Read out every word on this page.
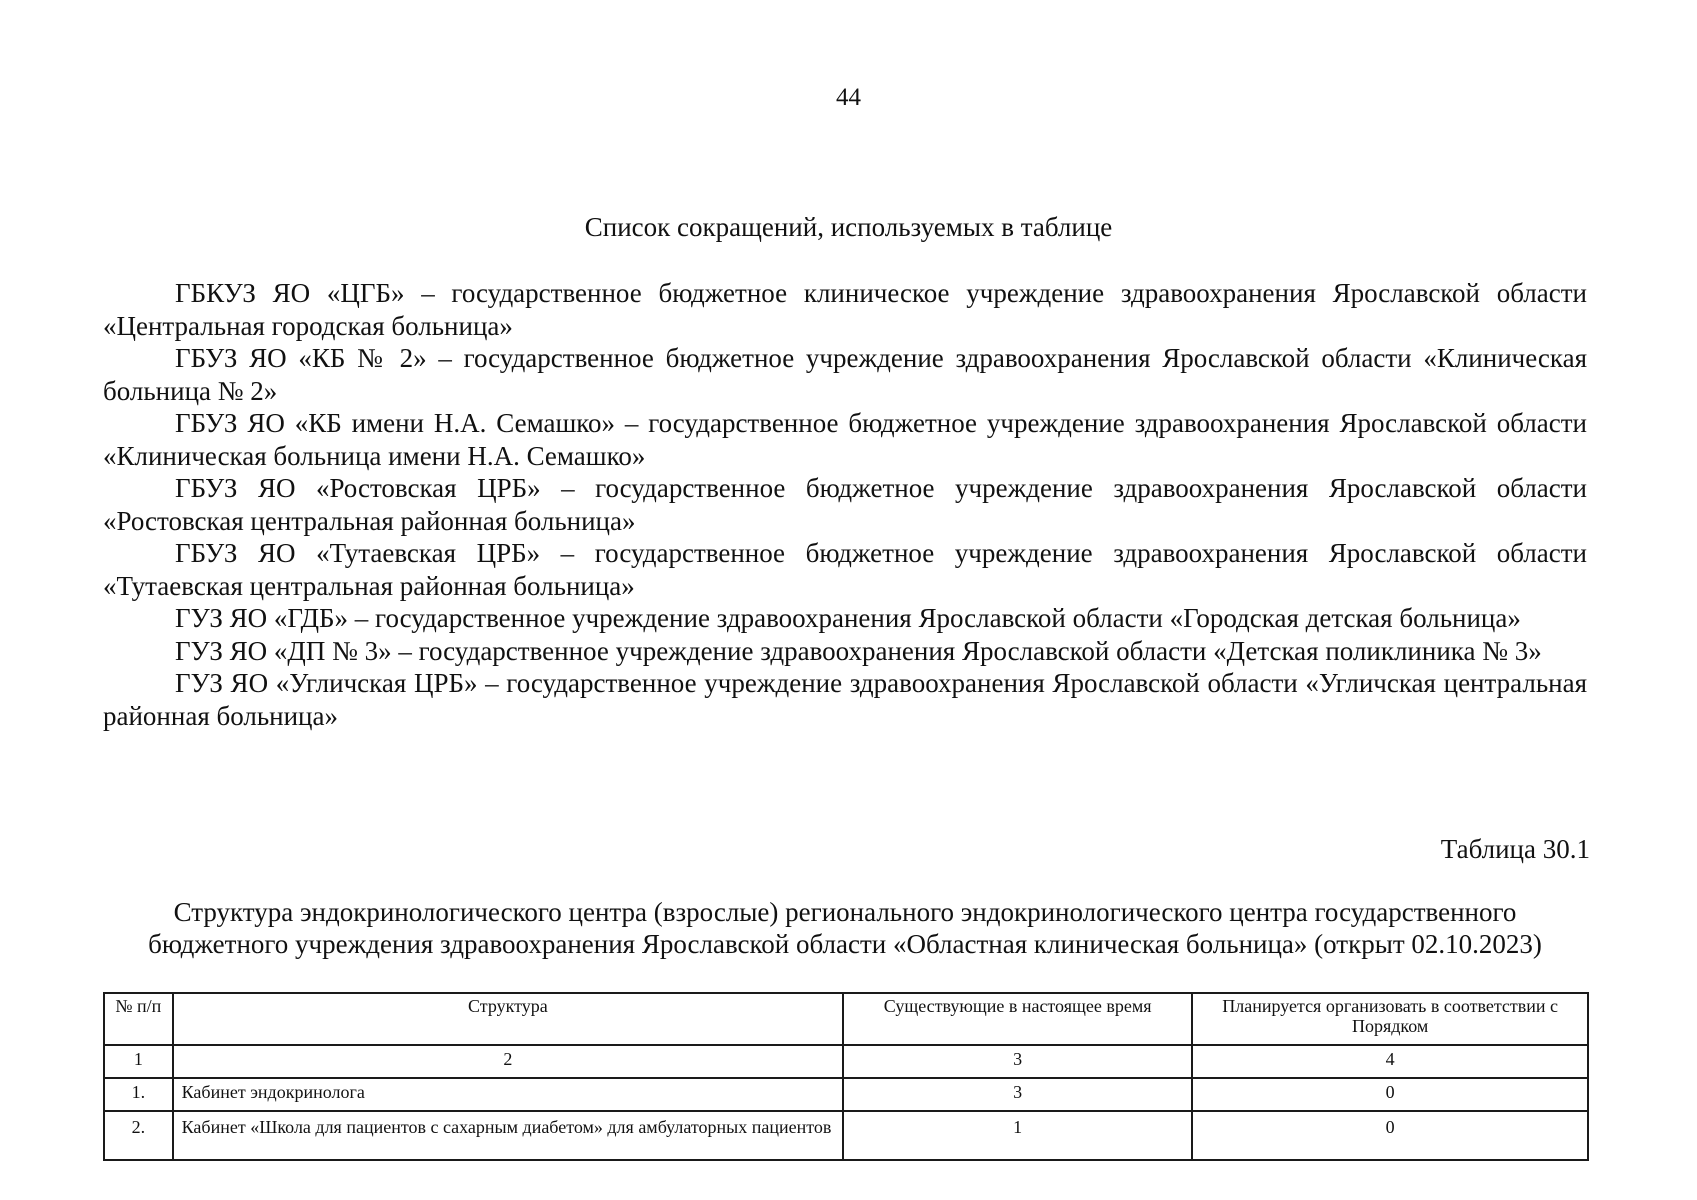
44
Список сокращений, используемых в таблице

ГБКУЗ ЯО «ЦГБ» – государственное бюджетное клиническое учреждение здравоохранения Ярославской области «Центральная городская больница»

ГБУЗ ЯО «КБ № 2» – государственное бюджетное учреждение здравоохранения Ярославской области «Клиническая больница № 2»

ГБУЗ ЯО «КБ имени Н.А. Семашко» – государственное бюджетное учреждение здравоохранения Ярославской области «Клиническая больница имени Н.А. Семашко»

ГБУЗ ЯО «Ростовская ЦРБ» – государственное бюджетное учреждение здравоохранения Ярославской области «Ростовская центральная районная больница»

ГБУЗ ЯО «Тутаевская ЦРБ» – государственное бюджетное учреждение здравоохранения Ярославской области «Тутаевская центральная районная больница»

ГУЗ ЯО «ГДБ» – государственное учреждение здравоохранения Ярославской области «Городская детская больница»

ГУЗ ЯО «ДП № 3» – государственное учреждение здравоохранения Ярославской области «Детская поликлиника № 3»

ГУЗ ЯО «Угличская ЦРБ» – государственное учреждение здравоохранения Ярославской области «Угличская центральная районная больница»

Таблица 30.1
Структура эндокринологического центра (взрослые) регионального эндокринологического центра государственного бюджетного учреждения здравоохранения Ярославской области «Областная клиническая больница» (открыт 02.10.2023)
№ п/п	Структура	Существующие в настоящее время	Планируется организовать в соответствии с Порядком
1	2	3	4
1.	Кабинет эндокринолога	3	0
2.	Кабинет «Школа для пациентов с сахарным диабетом» для амбулаторных пациентов	1	0
